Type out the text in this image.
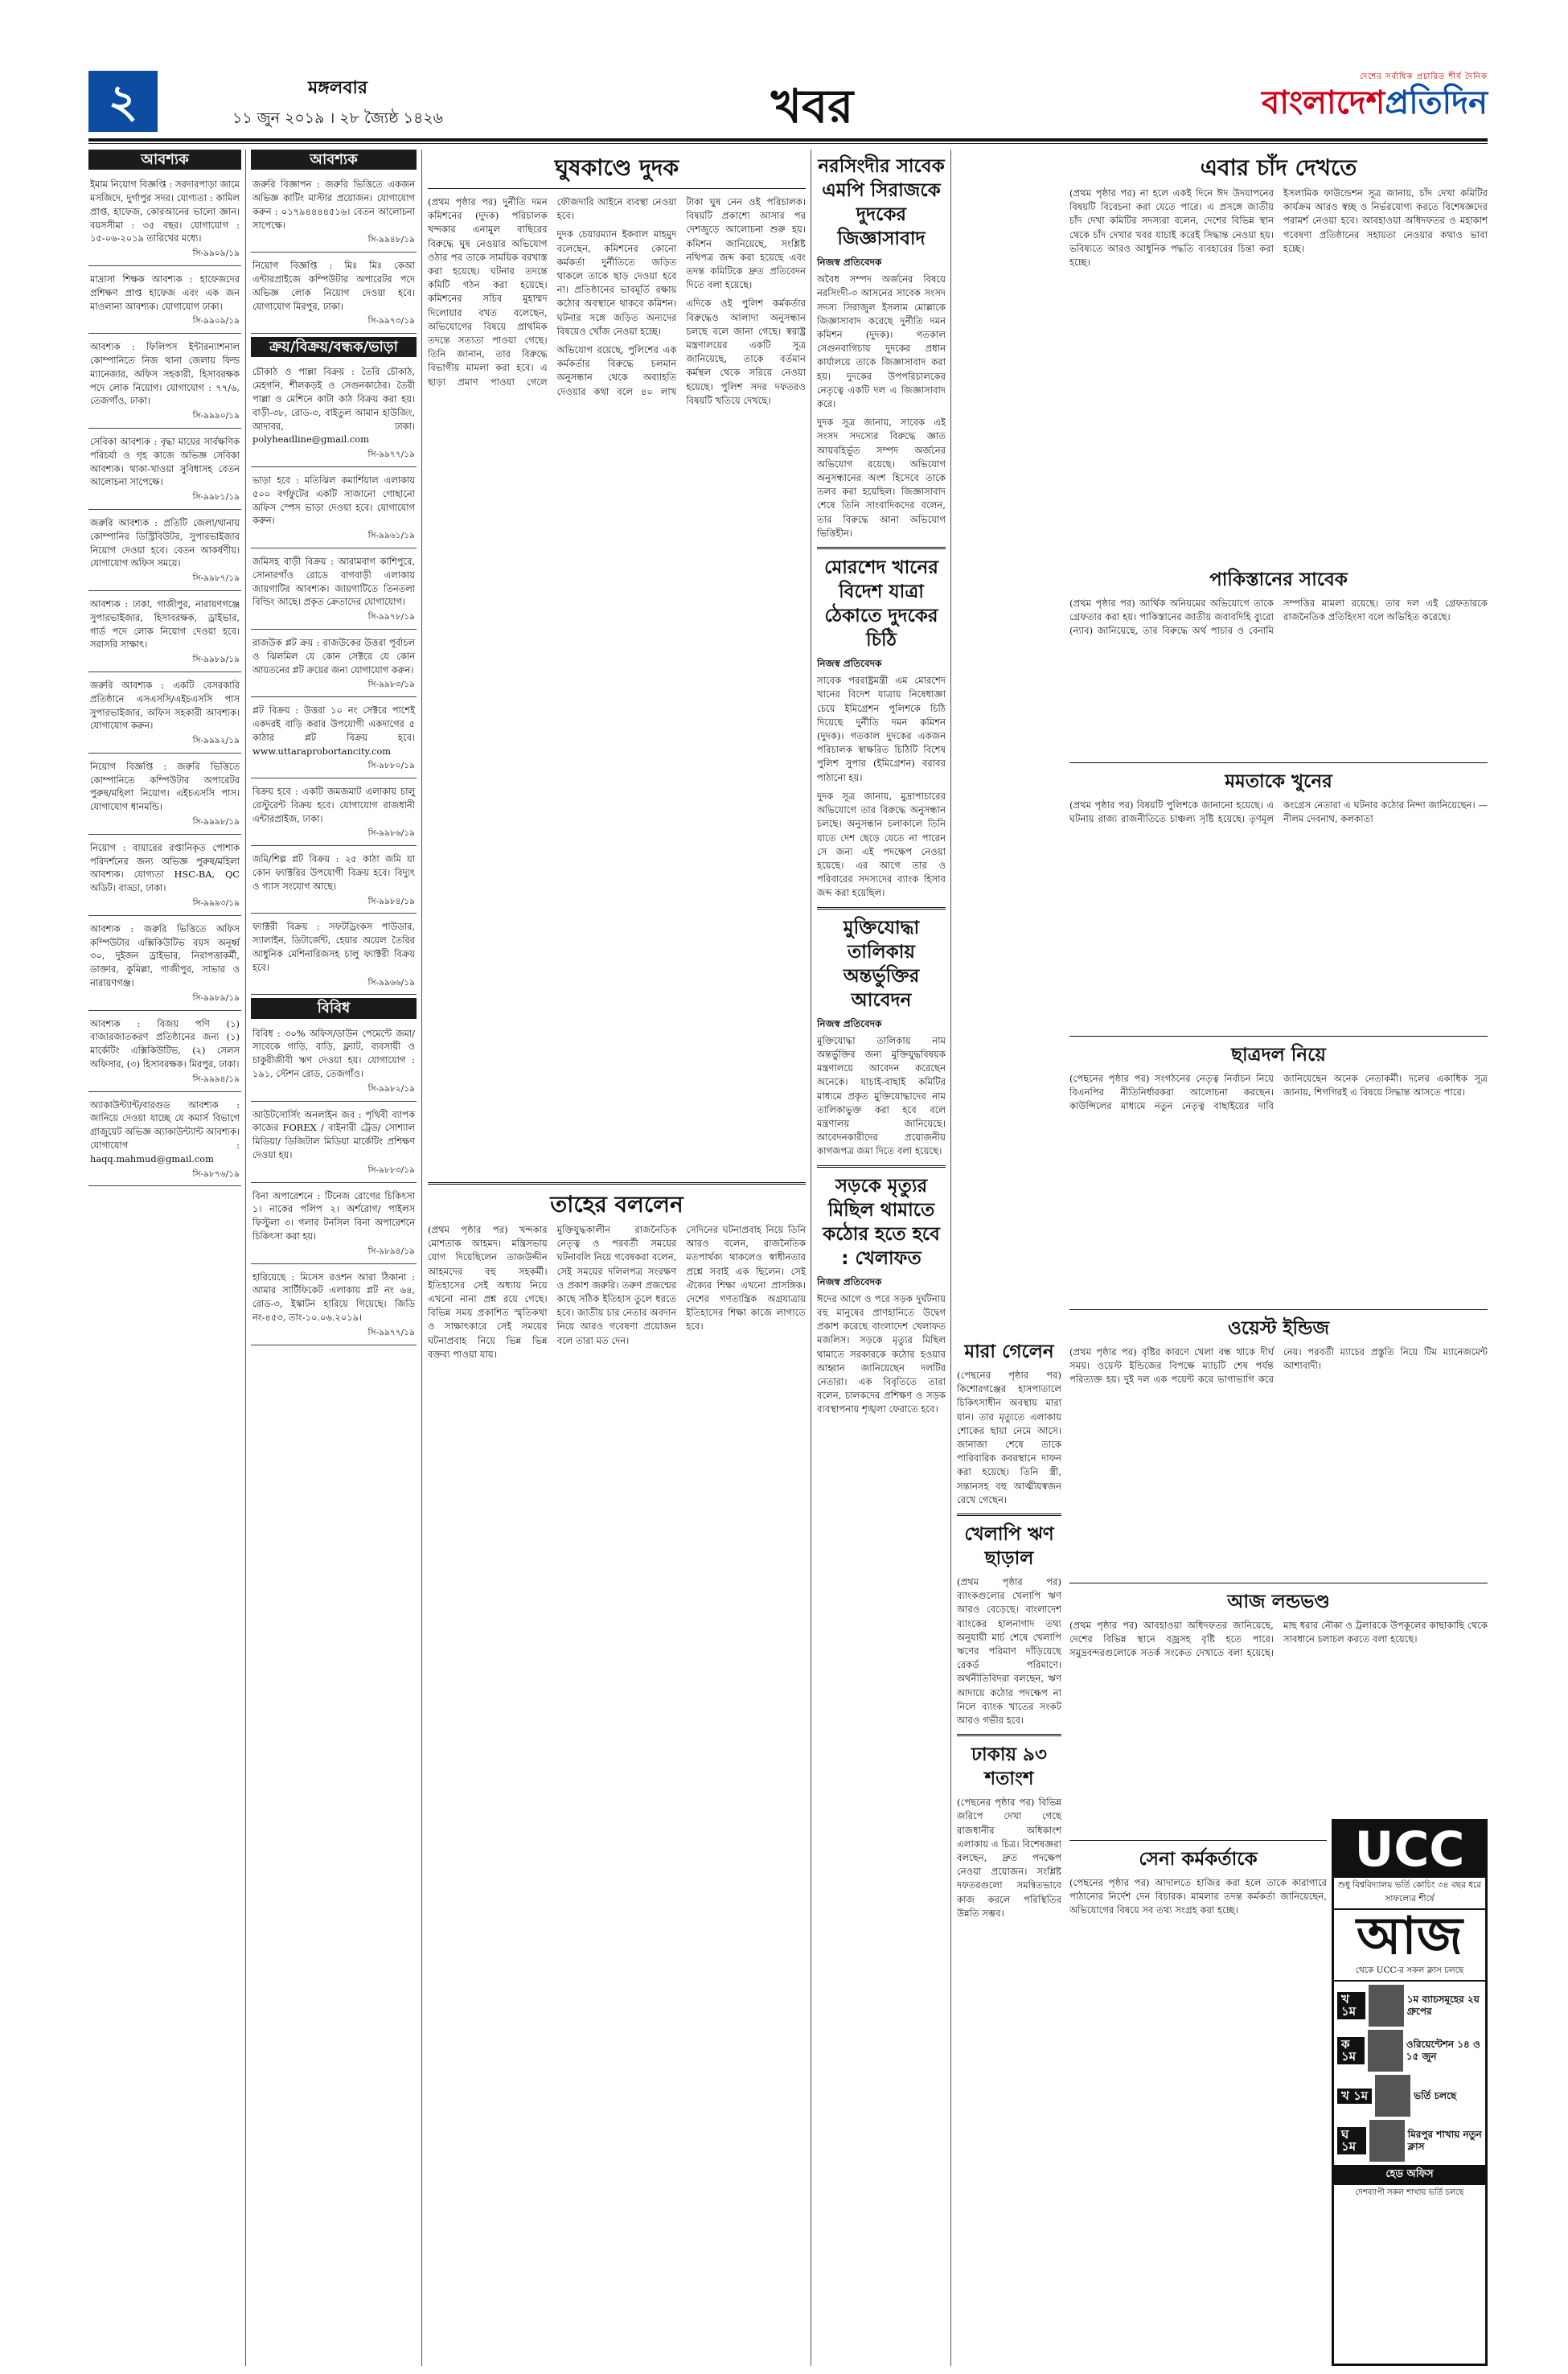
২	মঙ্গলবার
১১ জুন ২০১৯ । ২৮ জ্যৈষ্ঠ ১৪২৬	খবর
দেশের সর্বাধিক প্রচারিত শীর্ষ দৈনিক
বাংলাদেশপ্রতিদিন
আবশ্যক
ইমাম নিয়োগ বিজ্ঞপ্তি : সরদারপাড়া জামে মসজিদে, দুর্গাপুর সদর। যোগ্যতা : কামিল প্রাপ্ত, হাফেজ, কোরআনের ভালো জ্ঞান। বয়সসীমা : ৩৫ বছর। যোগাযোগ : ১৫-০৬-২০১৯ তারিখের মধ্যে।
সি-৯৯০৯/১৯
মাদ্রাসা শিক্ষক আবশ্যক : হাফেজদের প্রশিক্ষণ প্রাপ্ত হাফেজ এবং এক জন মাওলানা আবশ্যক। যোগাযোগ ঢাকা।
সি-৯৯০৯/১৯
আবশ্যক : ফিলিপস ইন্টারন্যাশনাল কোম্পানিতে নিজ থানা জেলায় ফিল্ড ম্যানেজার, অফিস সহকারী, হিসাবরক্ষক পদে লোক নিয়োগ। যোগাযোগ : ৭৭/৬, তেজগাঁও, ঢাকা।
সি-৯৯৯০/১৯
সেবিকা আবশ্যক : বৃদ্ধা মায়ের সার্বক্ষণিক পরিচর্যা ও গৃহ কাজে অভিজ্ঞ সেবিকা আবশ্যক। থাকা-খাওয়া সুবিধাসহ বেতন আলোচনা সাপেক্ষে।
সি-৯৯৮১/১৯
জরুরি আবশ্যক : প্রতিটি জেলা/থানায় কোম্পানির ডিস্ট্রিবিউটর, সুপারভাইজার নিয়োগ দেওয়া হবে। বেতন আকর্ষণীয়। যোগাযোগ অফিস সময়ে।
সি-৯৯৮৭/১৯
আবশ্যক : ঢাকা, গাজীপুর, নারায়ণগঞ্জে সুপারভাইজার, হিসাবরক্ষক, ড্রাইভার, গার্ড পদে লোক নিয়োগ দেওয়া হবে। সরাসরি সাক্ষাৎ।
সি-৯৯৮৯/১৯
জরুরি আবশ্যক : একটি বেসরকারি প্রতিষ্ঠানে এসএসসি/এইচএসসি পাস সুপারভাইজার, অফিস সহকারী আবশ্যক। যোগাযোগ করুন।
সি-৯৯৯২/১৯
নিয়োগ বিজ্ঞপ্তি : জরুরি ভিত্তিতে কোম্পানিতে কম্পিউটার অপারেটর পুরুষ/মহিলা নিয়োগ। এইচএসসি পাস। যোগাযোগ ধানমন্ডি।
সি-৯৯৯৮/১৯
নিয়োগ : বায়ারের রপ্তানিকৃত পোশাক পরিদর্শনের জন্য অভিজ্ঞ পুরুষ/মহিলা আবশ্যক। যোগ্যতা HSC-BA, QC অডিট। বাড্ডা, ঢাকা।
সি-৯৯৯৩/১৯
আবশ্যক : জরুরি ভিত্তিতে অফিস কম্পিউটার এক্সিকিউটিভ বয়স অনূর্ধ্ব ৩০, দুইজন ড্রাইভার, নিরাপত্তাকর্মী, ডাক্তার, কুমিল্লা, গাজীপুর, সাভার ও নারায়ণগঞ্জ।
সি-৯৯৮৯/১৯
আবশ্যক : বিজয় পণি (১) বাজারজাতকরণ প্রতিষ্ঠানের জন্য (১) মার্কেটিং এক্সিকিউটিভ, (২) সেলস অফিসার, (৩) হিসাবরক্ষক। মিরপুর, ঢাকা।
সি-৯৯৯৪/১৯
অ্যাকাউন্ট্যান্ট/বারগুড আবশ্যক : জানিয়ে দেওয়া যাচ্ছে যে কমার্স বিভাগে গ্রাজুয়েট অভিজ্ঞ অ্যাকাউন্ট্যান্ট আবশ্যক। যোগাযোগ : haqq.mahmud@gmail.com
সি-৯৮৭৬/১৯
আবশ্যক
জরুরি বিজ্ঞাপন : জরুরি ভিত্তিতে একজন অভিজ্ঞ কাটিং মাস্টার প্রয়োজন। যোগাযোগ করুন : ০১৭৯৪৪৪৪৫১৬। বেতন আলোচনা সাপেক্ষে।
সি-৯৯৪৮/১৯
নিয়োগ বিজ্ঞপ্তি : মিঃ মিঃ কেআ এন্টারপ্রাইজে কম্পিউটার অপারেটর পদে অভিজ্ঞ লোক নিয়োগ দেওয়া হবে। যোগাযোগ মিরপুর, ঢাকা।
সি-৯৯৭৩/১৯
ক্রয়/বিক্রয়/বন্ধক/ভাড়া
চৌকাঠ ও পাল্লা বিক্রয় : তৈরি চৌকাঠ, মেহগনি, শীলকড়ই ও সেগুনকাঠের। তৈরী পাল্লা ও মেশিনে কাটা কাঠ বিক্রয় করা হয়। বাড়ী-৩৮, রোড-৩, বাইতুল আমান হাউজিং, আদাবর, ঢাকা। polyheadline@gmail.com
সি-৯৯৭৭/১৯
ভাড়া হবে : মতিঝিল কমার্শিয়াল এলাকায় ৫০০ বর্গফুটের একটি সাজানো গোছানো অফিস স্পেস ভাড়া দেওয়া হবে। যোগাযোগ করুন।
সি-৯৯৬১/১৯
জমিসহ বাড়ী বিক্রয় : আরামবাগ কাশিপুরে, সোনারগাঁও রোডে বাগবাড়ী এলাকায় জায়গাটির আবশ্যক। জায়গাটিতে তিনতলা বিল্ডিং আছে। প্রকৃত ক্রেতাদের যোগাযোগ।
সি-৯৯৭৮/১৯
রাজউক প্লট ক্রয় : রাজউকের উত্তরা পূর্বাচল ও ঝিলমিল যে কোন সেক্টরে যে কোন আয়তনের প্লট ক্রয়ের জন্য যোগাযোগ করুন।
সি-৯৯৮৩/১৯
প্লট বিক্রয় : উত্তরা ১০ নং সেক্টরে পাশেই একদরই বাড়ি করার উপযোগী একদাগের ৫ কাঠার প্লট বিক্রয় হবে। www.uttaraprobortancity.com
সি-৯৮৮০/১৯
বিক্রয় হবে : একটি জমজমাট এলাকায় চালু রেস্টুরেন্ট বিক্রয় হবে। যোগাযোগ রাজধানী এন্টারপ্রাইজ, ঢাকা।
সি-৯৯৮৬/১৯
জমি/শিল্প প্লট বিক্রয় : ২৫ কাঠা জমি যা কোন ফ্যাক্টরির উপযোগী বিক্রয় হবে। বিদ্যুৎ ও গ্যাস সংযোগ আছে।
সি-৯৯৮৪/১৯
ফ্যাক্টরী বিক্রয় : সফটড্রিংকস পাউডার, স্যালাইন, ডিটার্জেন্ট, হেয়ার অয়েল তৈরির আধুনিক মেশিনারিজসহ চালু ফ্যাক্টরী বিক্রয় হবে।
সি-৯৯৬৬/১৯
বিবিধ
বিবিধ : ৩০% অফিস/ডাউন পেমেন্টে জমা/সাবেকে গাড়ি, বাড়ি, ফ্ল্যাট, ব্যবসায়ী ও চাকুরীজীবী ঋণ দেওয়া হয়। যোগাযোগ : ১৯১, স্টেশন রোড, তেজগাঁও।
সি-৯৯৮২/১৯
আউটসোর্সিং অনলাইন জব : পৃথিবী ব্যাপক কাজের FOREX / বাইনারী ট্রেড/ সোশ্যাল মিডিয়া/ ডিজিটাল মিডিয়া মার্কেটিং প্রশিক্ষণ দেওয়া হয়।
সি-৯৮৮৩/১৯
বিনা অপারেশনে : টিনেজ রোগের চিকিৎসা ১। নাকের পলিপ ২। অর্শরোগ/ পাইলস ফিস্টুলা ৩। গলার টনসিল বিনা অপারেশনে চিকিৎসা করা হয়।
সি-৯৮৯৪/১৯
হারিয়েছে : মিসেস রওশন আরা ঠিকানা : আমার সার্টিফিকেট এলাকায় প্লট নং ৬৪, রোড-৩, ইস্কাটন হারিয়ে গিয়েছে। জিডি নং-৪৫৩, তাং-১০.০৬.২০১৯।
সি-৯৯৭৭/১৯
ঘুষকাণ্ডে দুদক

(প্রথম পৃষ্ঠার পর) দুর্নীতি দমন কমিশনের (দুদক) পরিচালক খন্দকার এনামুল বাছিরের বিরুদ্ধে ঘুষ নেওয়ার অভিযোগ ওঠার পর তাকে সাময়িক বরখাস্ত করা হয়েছে। ঘটনার তদন্তে কমিটি গঠন করা হয়েছে। কমিশনের সচিব মুহাম্মদ দিলোয়ার বখত বলেছেন, অভিযোগের বিষয়ে প্রাথমিক তদন্তে সত্যতা পাওয়া গেছে। তিনি জানান, তার বিরুদ্ধে বিভাগীয় মামলা করা হবে। এ ছাড়া প্রমাণ পাওয়া গেলে ফৌজদারি আইনে ব্যবস্থা নেওয়া হবে।

দুদক চেয়ারম্যান ইকবাল মাহমুদ বলেছেন, কমিশনের কোনো কর্মকর্তা দুর্নীতিতে জড়িত থাকলে তাকে ছাড় দেওয়া হবে না। প্রতিষ্ঠানের ভাবমূর্তি রক্ষায় কঠোর অবস্থানে থাকবে কমিশন। ঘটনার সঙ্গে জড়িত অন্যদের বিষয়েও খোঁজ নেওয়া হচ্ছে।

অভিযোগ রয়েছে, পুলিশের এক কর্মকর্তার বিরুদ্ধে চলমান অনুসন্ধান থেকে অব্যাহতি দেওয়ার কথা বলে ৪০ লাখ টাকা ঘুষ নেন ওই পরিচালক। বিষয়টি প্রকাশ্যে আসার পর দেশজুড়ে আলোচনা শুরু হয়। কমিশন জানিয়েছে, সংশ্লিষ্ট নথিপত্র জব্দ করা হয়েছে এবং তদন্ত কমিটিকে দ্রুত প্রতিবেদন দিতে বলা হয়েছে।

এদিকে ওই পুলিশ কর্মকর্তার বিরুদ্ধেও আলাদা অনুসন্ধান চলছে বলে জানা গেছে। স্বরাষ্ট্র মন্ত্রণালয়ের একটি সূত্র জানিয়েছে, তাকে বর্তমান কর্মস্থল থেকে সরিয়ে নেওয়া হয়েছে। পুলিশ সদর দফতরও বিষয়টি খতিয়ে দেখছে।

তাহের বললেন

(প্রথম পৃষ্ঠার পর) খন্দকার মোশতাক আহমদ। মন্ত্রিসভায় যোগ দিয়েছিলেন তাজউদ্দীন আহমদের বহু সহকর্মী। ইতিহাসের সেই অধ্যায় নিয়ে এখনো নানা প্রশ্ন রয়ে গেছে। বিভিন্ন সময় প্রকাশিত স্মৃতিকথা ও সাক্ষাৎকারে সেই সময়ের ঘটনাপ্রবাহ নিয়ে ভিন্ন ভিন্ন বক্তব্য পাওয়া যায়।

মুক্তিযুদ্ধকালীন রাজনৈতিক নেতৃত্ব ও পরবর্তী সময়ের ঘটনাবলি নিয়ে গবেষকরা বলেন, সেই সময়ের দলিলপত্র সংরক্ষণ ও প্রকাশ জরুরি। তরুণ প্রজন্মের কাছে সঠিক ইতিহাস তুলে ধরতে হবে। জাতীয় চার নেতার অবদান নিয়ে আরও গবেষণা প্রয়োজন বলে তারা মত দেন।

সেদিনের ঘটনাপ্রবাহ নিয়ে তিনি আরও বলেন, রাজনৈতিক মতপার্থক্য থাকলেও স্বাধীনতার প্রশ্নে সবাই এক ছিলেন। সেই ঐক্যের শিক্ষা এখনো প্রাসঙ্গিক। দেশের গণতান্ত্রিক অগ্রযাত্রায় ইতিহাসের শিক্ষা কাজে লাগাতে হবে।

নরসিংদীর সাবেক এমপি সিরাজকে দুদকের জিজ্ঞাসাবাদ
নিজস্ব প্রতিবেদক

অবৈধ সম্পদ অর্জনের বিষয়ে নরসিংদী-৩ আসনের সাবেক সংসদ সদস্য সিরাজুল ইসলাম মোল্লাকে জিজ্ঞাসাবাদ করেছে দুর্নীতি দমন কমিশন (দুদক)। গতকাল সেগুনবাগিচায় দুদকের প্রধান কার্যালয়ে তাকে জিজ্ঞাসাবাদ করা হয়। দুদকের উপপরিচালকের নেতৃত্বে একটি দল এ জিজ্ঞাসাবাদ করে।

দুদক সূত্র জানায়, সাবেক এই সংসদ সদস্যের বিরুদ্ধে জ্ঞাত আয়বহির্ভূত সম্পদ অর্জনের অভিযোগ রয়েছে। অভিযোগ অনুসন্ধানের অংশ হিসেবে তাকে তলব করা হয়েছিল। জিজ্ঞাসাবাদ শেষে তিনি সাংবাদিকদের বলেন, তার বিরুদ্ধে আনা অভিযোগ ভিত্তিহীন।

মোরশেদ খানের বিদেশ যাত্রা ঠেকাতে দুদকের চিঠি
নিজস্ব প্রতিবেদক

সাবেক পররাষ্ট্রমন্ত্রী এম মোরশেদ খানের বিদেশ যাত্রায় নিষেধাজ্ঞা চেয়ে ইমিগ্রেশন পুলিশকে চিঠি দিয়েছে দুর্নীতি দমন কমিশন (দুদক)। গতকাল দুদকের একজন পরিচালক স্বাক্ষরিত চিঠিটি বিশেষ পুলিশ সুপার (ইমিগ্রেশন) বরাবর পাঠানো হয়।

দুদক সূত্র জানায়, মুদ্রাপাচারের অভিযোগে তার বিরুদ্ধে অনুসন্ধান চলছে। অনুসন্ধান চলাকালে তিনি যাতে দেশ ছেড়ে যেতে না পারেন সে জন্য এই পদক্ষেপ নেওয়া হয়েছে। এর আগে তার ও পরিবারের সদস্যদের ব্যাংক হিসাব জব্দ করা হয়েছিল।

মুক্তিযোদ্ধা তালিকায় অন্তর্ভুক্তির আবেদন
নিজস্ব প্রতিবেদক

মুক্তিযোদ্ধা তালিকায় নাম অন্তর্ভুক্তির জন্য মুক্তিযুদ্ধবিষয়ক মন্ত্রণালয়ে আবেদন করেছেন অনেকে। যাচাই-বাছাই কমিটির মাধ্যমে প্রকৃত মুক্তিযোদ্ধাদের নাম তালিকাভুক্ত করা হবে বলে মন্ত্রণালয় জানিয়েছে। আবেদনকারীদের প্রয়োজনীয় কাগজপত্র জমা দিতে বলা হয়েছে।

সড়কে মৃত্যুর মিছিল থামাতে কঠোর হতে হবে : খেলাফত
নিজস্ব প্রতিবেদক

ঈদের আগে ও পরে সড়ক দুর্ঘটনায় বহু মানুষের প্রাণহানিতে উদ্বেগ প্রকাশ করেছে বাংলাদেশ খেলাফত মজলিস। সড়কে মৃত্যুর মিছিল থামাতে সরকারকে কঠোর হওয়ার আহ্বান জানিয়েছেন দলটির নেতারা। এক বিবৃতিতে তারা বলেন, চালকদের প্রশিক্ষণ ও সড়ক ব্যবস্থাপনায় শৃঙ্খলা ফেরাতে হবে।

মারা গেলেন

(পেছনের পৃষ্ঠার পর) কিশোরগঞ্জের হাসপাতালে চিকিৎসাধীন অবস্থায় মারা যান। তার মৃত্যুতে এলাকায় শোকের ছায়া নেমে আসে। জানাজা শেষে তাকে পারিবারিক কবরস্থানে দাফন করা হয়েছে। তিনি স্ত্রী, সন্তানসহ বহু আত্মীয়স্বজন রেখে গেছেন।

খেলাপি ঋণ ছাড়াল

(প্রথম পৃষ্ঠার পর) ব্যাংকগুলোর খেলাপি ঋণ আরও বেড়েছে। বাংলাদেশ ব্যাংকের হালনাগাদ তথ্য অনুযায়ী মার্চ শেষে খেলাপি ঋণের পরিমাণ দাঁড়িয়েছে রেকর্ড পরিমাণে। অর্থনীতিবিদরা বলছেন, ঋণ আদায়ে কঠোর পদক্ষেপ না নিলে ব্যাংক খাতের সংকট আরও গভীর হবে।

ঢাকায় ৯৩ শতাংশ

(পেছনের পৃষ্ঠার পর) বিভিন্ন জরিপে দেখা গেছে রাজধানীর অধিকাংশ এলাকায় এ চিত্র। বিশেষজ্ঞরা বলছেন, দ্রুত পদক্ষেপ নেওয়া প্রয়োজন। সংশ্লিষ্ট দফতরগুলো সমন্বিতভাবে কাজ করলে পরিস্থিতির উন্নতি সম্ভব।

এবার চাঁদ দেখতে

(প্রথম পৃষ্ঠার পর) না হলে একই দিনে ঈদ উদযাপনের বিষয়টি বিবেচনা করা যেতে পারে। এ প্রসঙ্গে জাতীয় চাঁদ দেখা কমিটির সদস্যরা বলেন, দেশের বিভিন্ন স্থান থেকে চাঁদ দেখার খবর যাচাই করেই সিদ্ধান্ত নেওয়া হয়। ভবিষ্যতে আরও আধুনিক পদ্ধতি ব্যবহারের চিন্তা করা হচ্ছে।

ইসলামিক ফাউন্ডেশন সূত্র জানায়, চাঁদ দেখা কমিটির কার্যক্রম আরও স্বচ্ছ ও নির্ভরযোগ্য করতে বিশেষজ্ঞদের পরামর্শ নেওয়া হবে। আবহাওয়া অধিদফতর ও মহাকাশ গবেষণা প্রতিষ্ঠানের সহায়তা নেওয়ার কথাও ভাবা হচ্ছে।

পাকিস্তানের সাবেক

(প্রথম পৃষ্ঠার পর) আর্থিক অনিয়মের অভিযোগে তাকে গ্রেফতার করা হয়। পাকিস্তানের জাতীয় জবাবদিহি ব্যুরো (ন্যাব) জানিয়েছে, তার বিরুদ্ধে অর্থ পাচার ও বেনামি সম্পত্তির মামলা রয়েছে। তার দল এই গ্রেফতারকে রাজনৈতিক প্রতিহিংসা বলে অভিহিত করেছে।

মমতাকে খুনের

(প্রথম পৃষ্ঠার পর) বিষয়টি পুলিশকে জানানো হয়েছে। এ ঘটনায় রাজ্য রাজনীতিতে চাঞ্চল্য সৃষ্টি হয়েছে। তৃণমূল কংগ্রেস নেতারা এ ঘটনার কঠোর নিন্দা জানিয়েছেন। —নীলম দেবনাথ, কলকাতা

ছাত্রদল নিয়ে

(পেছনের পৃষ্ঠার পর) সংগঠনের নেতৃত্ব নির্বাচন নিয়ে বিএনপির নীতিনির্ধারকরা আলোচনা করছেন। কাউন্সিলের মাধ্যমে নতুন নেতৃত্ব বাছাইয়ের দাবি জানিয়েছেন অনেক নেতাকর্মী। দলের একাধিক সূত্র জানায়, শিগগিরই এ বিষয়ে সিদ্ধান্ত আসতে পারে।

ওয়েস্ট ইন্ডিজ

(প্রথম পৃষ্ঠার পর) বৃষ্টির কারণে খেলা বন্ধ থাকে দীর্ঘ সময়। ওয়েস্ট ইন্ডিজের বিপক্ষে ম্যাচটি শেষ পর্যন্ত পরিত্যক্ত হয়। দুই দল এক পয়েন্ট করে ভাগাভাগি করে নেয়। পরবর্তী ম্যাচের প্রস্তুতি নিয়ে টিম ম্যানেজমেন্ট আশাবাদী।

আজ লন্ডভণ্ড

(প্রথম পৃষ্ঠার পর) আবহাওয়া অধিদফতর জানিয়েছে, দেশের বিভিন্ন স্থানে বজ্রসহ বৃষ্টি হতে পারে। সমুদ্রবন্দরগুলোকে সতর্ক সংকেত দেখাতে বলা হয়েছে। মাছ ধরার নৌকা ও ট্রলারকে উপকূলের কাছাকাছি থেকে সাবধানে চলাচল করতে বলা হয়েছে।

সেনা কর্মকর্তাকে

(পেছনের পৃষ্ঠার পর) আদালতে হাজির করা হলে তাকে কারাগারে পাঠানোর নির্দেশ দেন বিচারক। মামলার তদন্ত কর্মকর্তা জানিয়েছেন, অভিযোগের বিষয়ে সব তথ্য সংগ্রহ করা হচ্ছে।

UCC
শুধু বিশ্ববিদ্যালয় ভর্তি কোচিং ৩৪ বছর ধরে সাফল্যের শীর্ষে
আজ
থেকে UCC-র সকল ক্লাস চলছে
খ ১ম
১ম ব্যাচসমূহের ২য় গ্রুপের
ক ১ম
ওরিয়েন্টেশন ১৪ ও ১৫ জুন
খ ১ম	ভর্তি চলছে
ঘ ১ম
মিরপুর শাখায় নতুন ক্লাস
হেড অফিস
দেশব্যাপী সকল শাখায় ভর্তি চলছে
